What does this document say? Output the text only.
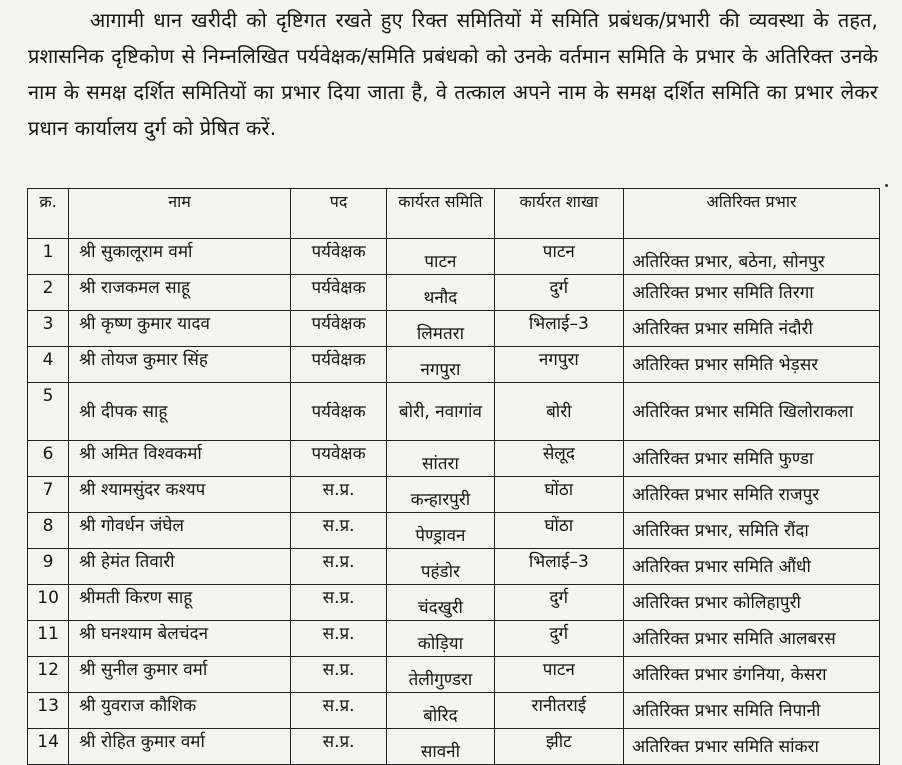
आगामी धान खरीदी को दृष्टिगत रखते हुए रिक्त समितियों में समिति प्रबंधक/प्रभारी की व्यवस्था के तहत, प्रशासनिक दृष्टिकोण से निम्नलिखित पर्यवेक्षक/समिति प्रबंधको को उनके वर्तमान समिति के प्रभार के अतिरिक्त उनके नाम के समक्ष दर्शित समितियों का प्रभार दिया जाता है, वे तत्काल अपने नाम के समक्ष दर्शित समिति का प्रभार लेकर प्रधान कार्यालय दुर्ग को प्रेषित करें.

क्र.	नाम	पद	कार्यरत समिति	कार्यरत शाखा	अतिरिक्त प्रभार
1	श्री सुकालूराम वर्मा	पर्यवेक्षक	पाटन	पाटन	अतिरिक्त प्रभार, बठेना, सोनपुर
2	श्री राजकमल साहू	पर्यवेक्षक	थनौद	दुर्ग	अतिरिक्त प्रभार समिति तिरगा
3	श्री कृष्ण कुमार यादव	पर्यवेक्षक	लिमतरा	भिलाई–3	अतिरिक्त प्रभार समिति नंदौरी
4	श्री तोयज कुमार सिंह	पर्यवेक्षक	नगपुरा	नगपुरा	अतिरिक्त प्रभार समिति भेड़सर
5	श्री दीपक साहू	पर्यवेक्षक	बोरी, नवागांव	बोरी	अतिरिक्त प्रभार समिति खिलोराकला
6	श्री अमित विश्वकर्मा	पयवेक्षक	सांतरा	सेलूद	अतिरिक्त प्रभार समिति फुण्डा
7	श्री श्यामसुंदर कश्यप	स.प्र.	कन्हारपुरी	घोंठा	अतिरिक्त प्रभार समिति राजपुर
8	श्री गोवर्धन जंघेल	स.प्र.	पेण्ड्रावन	घोंठा	अतिरिक्त प्रभार, समिति रौंदा
9	श्री हेमंत तिवारी	स.प्र.	पहंडोर	भिलाई–3	अतिरिक्त प्रभार समिति औंधी
10	श्रीमती किरण साहू	स.प्र.	चंदखुरी	दुर्ग	अतिरिक्त प्रभार कोलिहापुरी
11	श्री घनश्याम बेलचंदन	स.प्र.	कोड़िया	दुर्ग	अतिरिक्त प्रभार समिति आलबरस
12	श्री सुनील कुमार वर्मा	स.प्र.	तेलीगुण्डरा	पाटन	अतिरिक्त प्रभार डंगनिया, केसरा
13	श्री युवराज कौशिक	स.प्र.	बोरिद	रानीतराई	अतिरिक्त प्रभार समिति निपानी
14	श्री रोहित कुमार वर्मा	स.प्र.	सावनी	झीट	अतिरिक्त प्रभार समिति सांकरा
